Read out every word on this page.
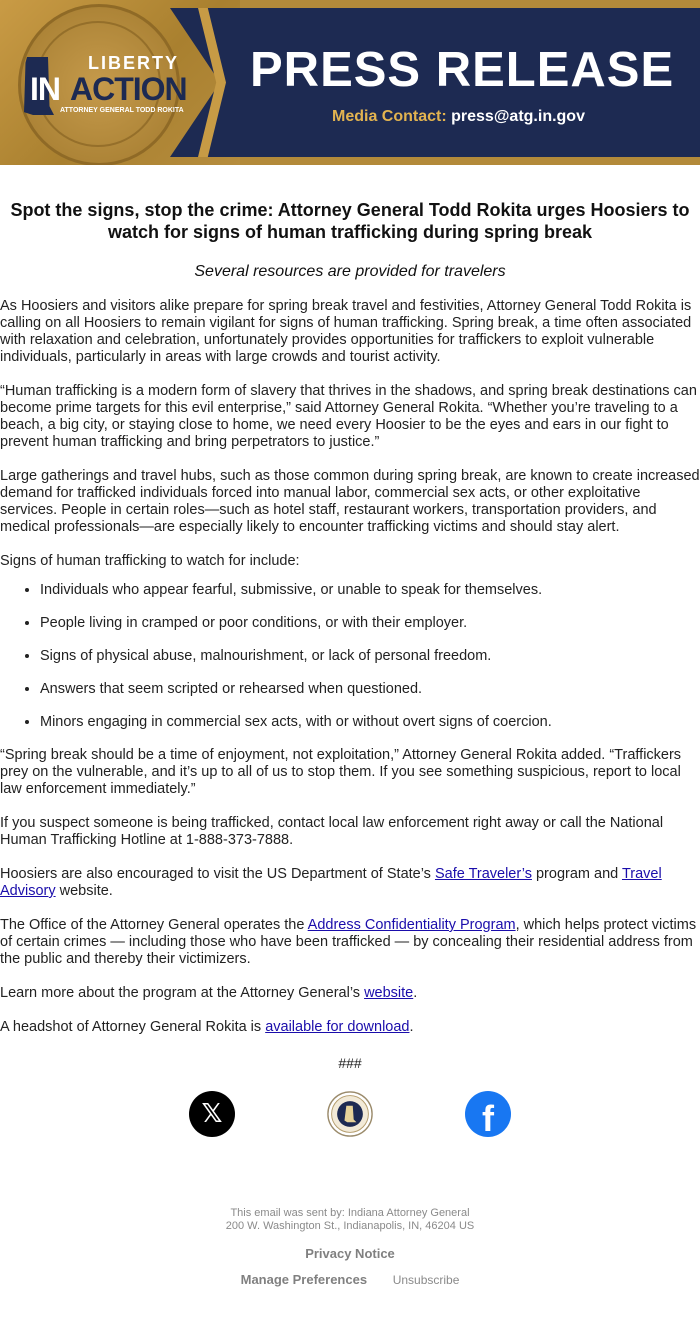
LIBERTY
IN ACTION
ATTORNEY GENERAL TODD ROKITA
PRESS RELEASE
Media Contact: press@atg.in.gov
Spot the signs, stop the crime: Attorney General Todd Rokita urges Hoosiers to watch for signs of human trafficking during spring break
Several resources are provided for travelers

As Hoosiers and visitors alike prepare for spring break travel and festivities, Attorney General Todd Rokita is calling on all Hoosiers to remain vigilant for signs of human trafficking. Spring break, a time often associated with relaxation and celebration, unfortunately provides opportunities for traffickers to exploit vulnerable individuals, particularly in areas with large crowds and tourist activity.

“Human trafficking is a modern form of slavery that thrives in the shadows, and spring break destinations can become prime targets for this evil enterprise,” said Attorney General Rokita. “Whether you’re traveling to a beach, a big city, or staying close to home, we need every Hoosier to be the eyes and ears in our fight to prevent human trafficking and bring perpetrators to justice.”

Large gatherings and travel hubs, such as those common during spring break, are known to create increased demand for trafficked individuals forced into manual labor, commercial sex acts, or other exploitative services. People in certain roles—such as hotel staff, restaurant workers, transportation providers, and medical professionals—are especially likely to encounter trafficking victims and should stay alert.

Signs of human trafficking to watch for include:

• Individuals who appear fearful, submissive, or unable to speak for themselves.
• People living in cramped or poor conditions, or with their employer.
• Signs of physical abuse, malnourishment, or lack of personal freedom.
• Answers that seem scripted or rehearsed when questioned.
• Minors engaging in commercial sex acts, with or without overt signs of coercion.

“Spring break should be a time of enjoyment, not exploitation,” Attorney General Rokita added. “Traffickers prey on the vulnerable, and it’s up to all of us to stop them. If you see something suspicious, report to local law enforcement immediately.”

If you suspect someone is being trafficked, contact local law enforcement right away or call the National Human Trafficking Hotline at 1-888-373-7888.

Hoosiers are also encouraged to visit the US Department of State’s Safe Traveler’s program and Travel Advisory website.

The Office of the Attorney General operates the Address Confidentiality Program, which helps protect victims of certain crimes — including those who have been trafficked — by concealing their residential address from the public and thereby their victimizers.

Learn more about the program at the Attorney General’s website.

A headshot of Attorney General Rokita is available for download.

###
𝕏	f
This email was sent by: Indiana Attorney General
200 W. Washington St., Indianapolis, IN, 46204 US
Privacy Notice
Manage Preferences Unsubscribe
